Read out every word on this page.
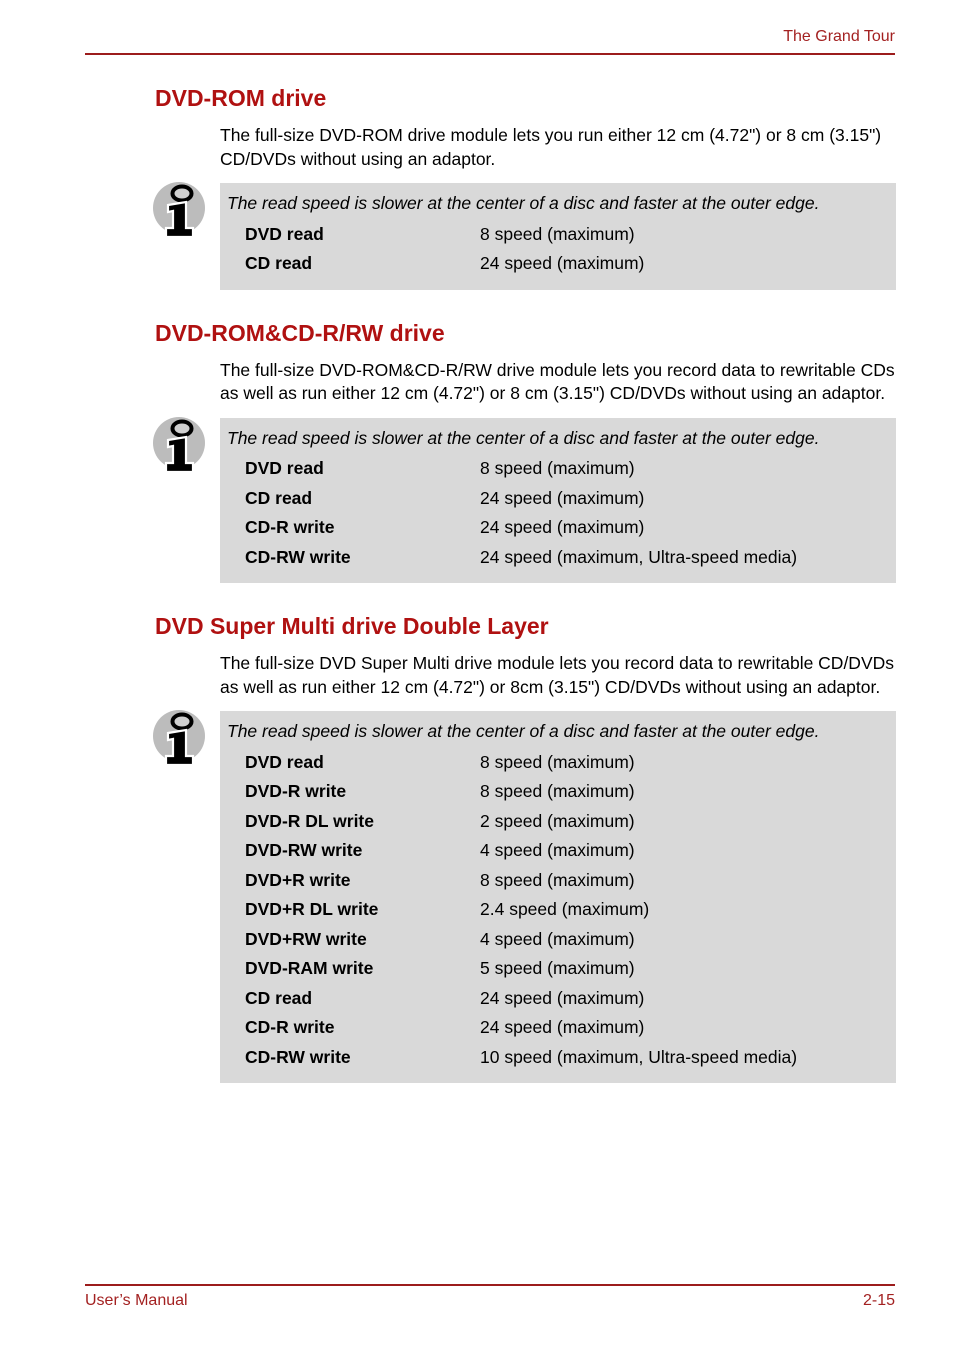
The Grand Tour
DVD-ROM drive

The full-size DVD-ROM drive module lets you run either 12 cm (4.72") or 8 cm (3.15") CD/DVDs without using an adaptor.

The read speed is slower at the center of a disc and faster at the outer edge.

DVD read	8 speed (maximum)
CD read	24 speed (maximum)
DVD-ROM&CD-R/RW drive

The full-size DVD-ROM&CD-R/RW drive module lets you record data to rewritable CDs as well as run either 12 cm (4.72") or 8 cm (3.15") CD/DVDs without using an adaptor.

The read speed is slower at the center of a disc and faster at the outer edge.

DVD read	8 speed (maximum)
CD read	24 speed (maximum)
CD-R write	24 speed (maximum)
CD-RW write	24 speed (maximum, Ultra-speed media)
DVD Super Multi drive Double Layer

The full-size DVD Super Multi drive module lets you record data to rewritable CD/DVDs as well as run either 12 cm (4.72") or 8cm (3.15") CD/DVDs without using an adaptor.

The read speed is slower at the center of a disc and faster at the outer edge.

DVD read	8 speed (maximum)
DVD-R write	8 speed (maximum)
DVD-R DL write	2 speed (maximum)
DVD-RW write	4 speed (maximum)
DVD+R write	8 speed (maximum)
DVD+R DL write	2.4 speed (maximum)
DVD+RW write	4 speed (maximum)
DVD-RAM write	5 speed (maximum)
CD read	24 speed (maximum)
CD-R write	24 speed (maximum)
CD-RW write	10 speed (maximum, Ultra-speed media)
User’s Manual	2-15
